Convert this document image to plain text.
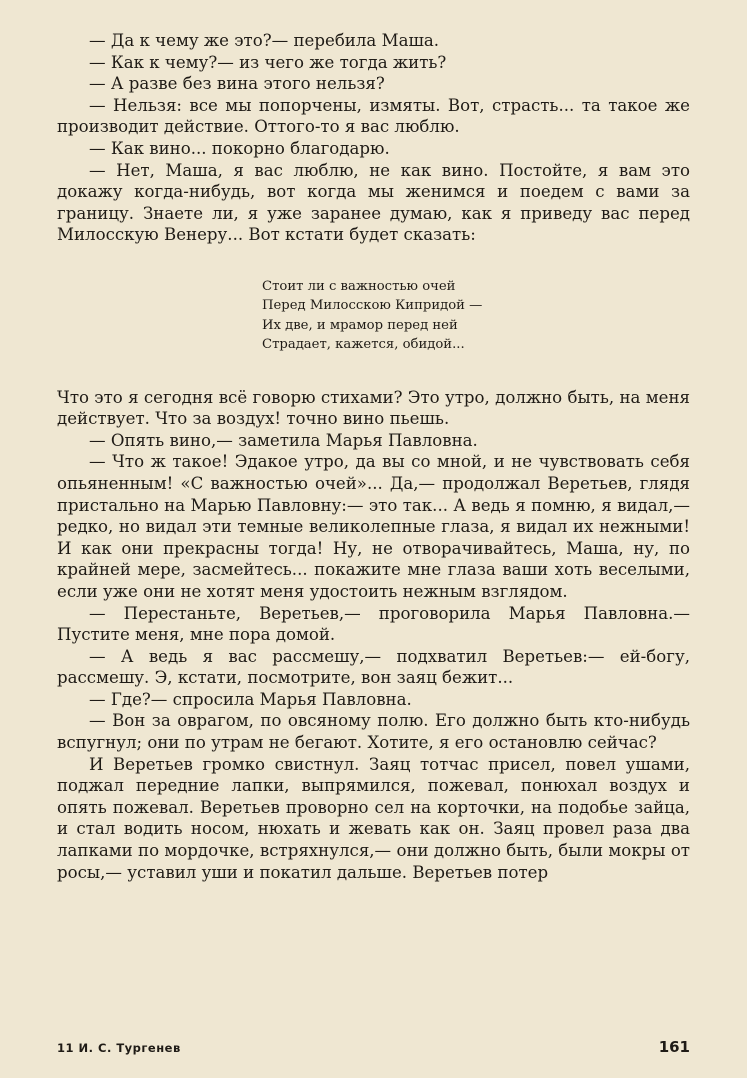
— Да к чему же это?— перебила Маша.

— Как к чему?— из чего же тогда жить?

— А разве без вина этого нельзя?

— Нельзя: все мы попорчены, измяты. Вот, страсть... та такое же производит действие. Оттого-то я вас люблю.

— Как вино... покорно благодарю.

— Нет, Маша, я вас люблю, не как вино. Постойте, я вам это докажу когда-нибудь, вот когда мы женимся и поедем с вами за границу. Знаете ли, я уже заранее думаю, как я приведу вас перед Милосскую Венеру... Вот кстати будет сказать:

Стоит ли с важностью очей
Перед Милосскою Кипридой —
Их две, и мрамор перед ней
Страдает, кажется, обидой...

Что это я сегодня всё говорю стихами? Это утро, должно быть, на меня действует. Что за воздух! точно вино пьешь.

— Опять вино,— заметила Марья Павловна.

— Что ж такое! Эдакое утро, да вы со мной, и не чувствовать себя опьяненным! «С важностью очей»... Да,— продолжал Веретьев, глядя пристально на Марью Павловну:— это так... А ведь я помню, я видал,— редко, но видал эти темные великолепные глаза, я видал их нежными! И как они прекрасны тогда! Ну, не отворачивайтесь, Маша, ну, по крайней мере, засмейтесь... покажите мне глаза ваши хоть веселыми, если уже они не хотят меня удостоить нежным взглядом.

— Перестаньте, Веретьев,— проговорила Марья Павловна.— Пустите меня, мне пора домой.

— А ведь я вас рассмешу,— подхватил Веретьев:— ей-богу, рассмешу. Э, кстати, посмотрите, вон заяц бежит...

— Где?— спросила Марья Павловна.

— Вон за оврагом, по овсяному полю. Его должно быть кто-нибудь вспугнул; они по утрам не бегают. Хотите, я его остановлю сейчас?

И Веретьев громко свистнул. Заяц тотчас присел, повел ушами, поджал передние лапки, выпрямился, пожевал, понюхал воздух и опять пожевал. Веретьев проворно сел на корточки, на подобье зайца, и стал водить носом, нюхать и жевать как он. Заяц провел раза два лапками по мордочке, встряхнулся,— они должно быть, были мокры от росы,— уставил уши и покатил дальше. Веретьев потер

11 И. С. Тургенев	161
